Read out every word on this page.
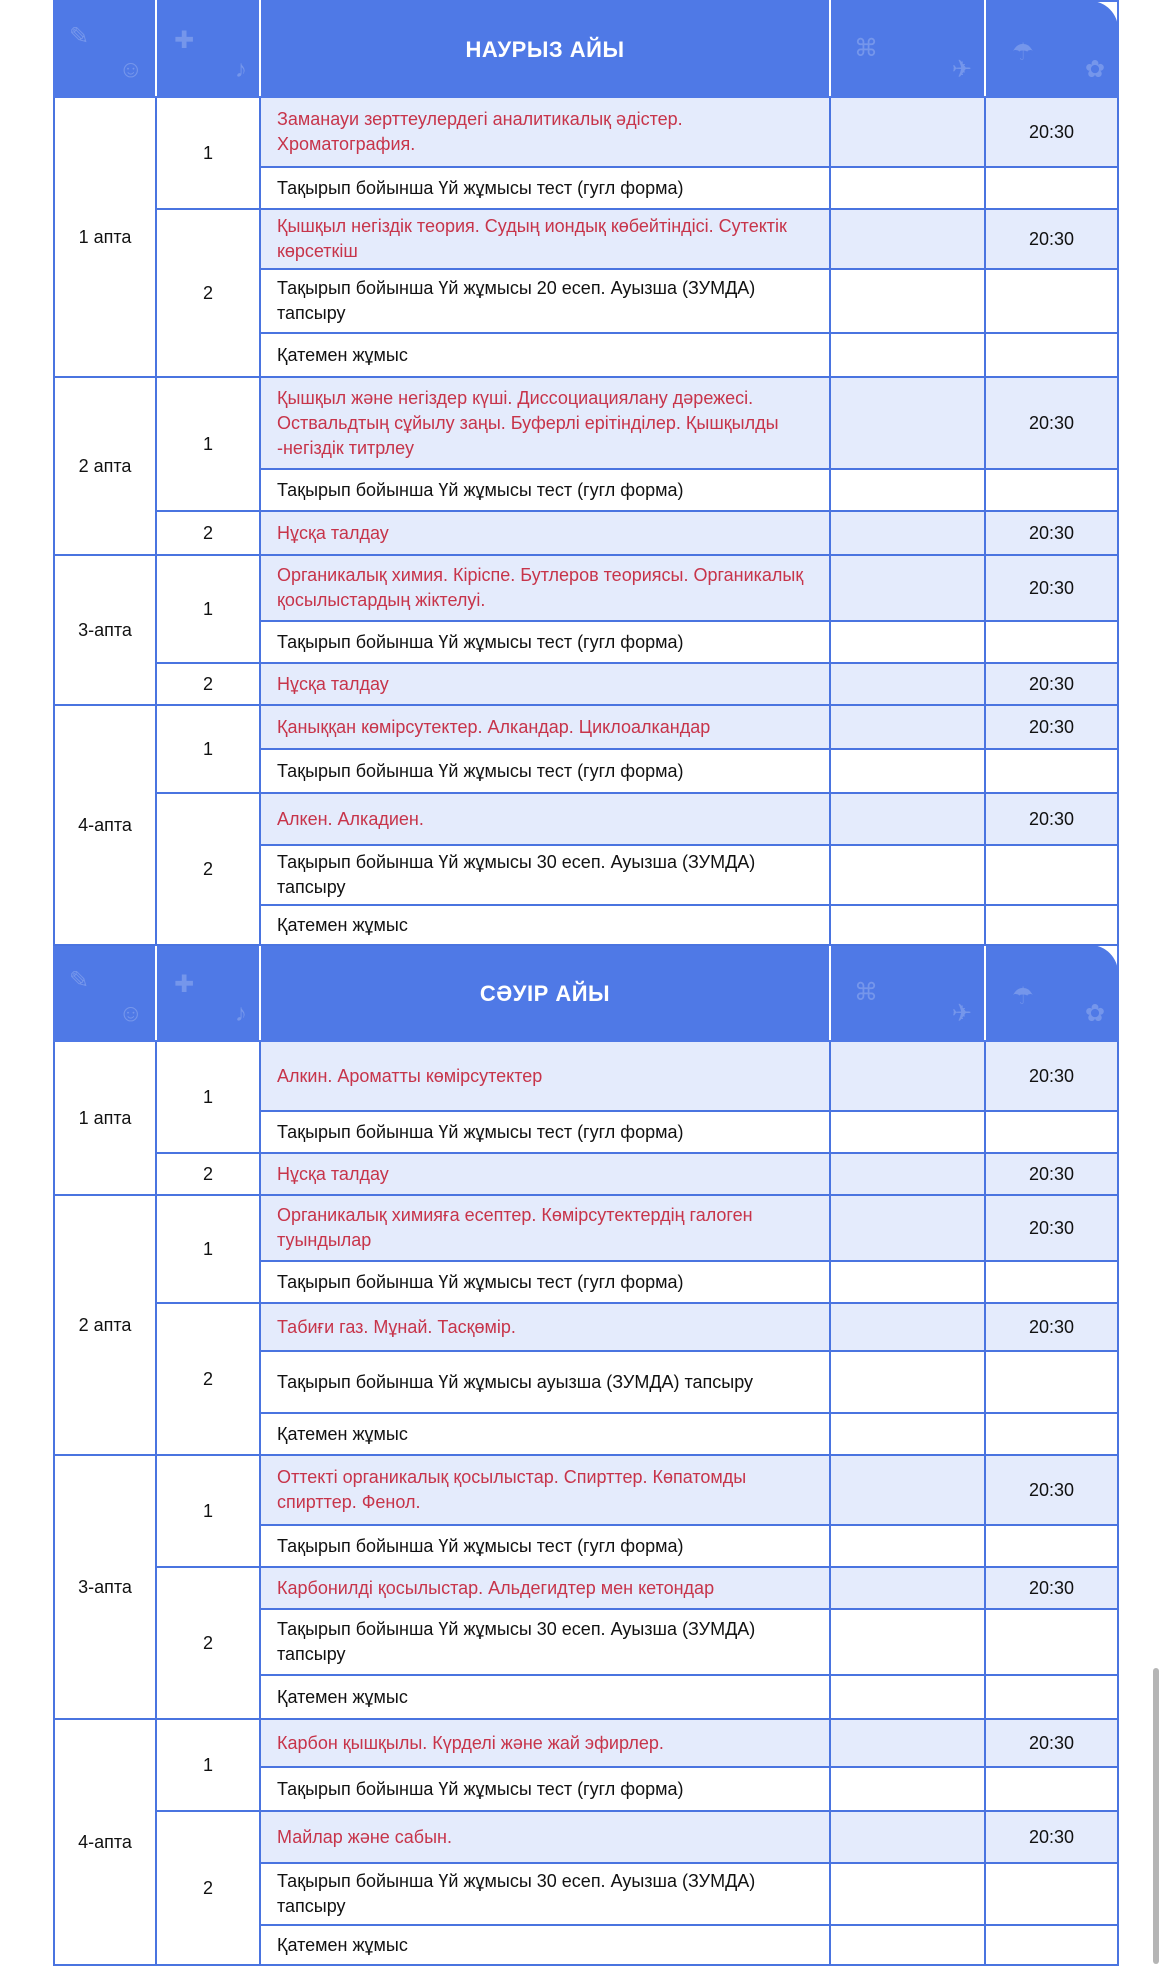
✎
☺	✚
♪	НАУРЫЗ АЙЫ	⌘
✈	☂
✿

1 апта	1	Заманауи зерттеулердегі аналитикалық әдістер. Хроматография.		20:30
		Тақырып бойынша Үй жұмысы тест (гугл форма)		
	2	Қышқыл негіздік теория. Судың иондық көбейтіндісі. Сутектік көрсеткіш		20:30
		Тақырып бойынша Үй жұмысы 20 есеп. Ауызша (ЗУМДА) тапсыру		
		Қатемен жұмыс		
2 апта	1	Қышқыл және негіздер күші. Диссоциациялану дәрежесі. Оствальдтың сұйылу заңы. Буферлі ерітінділер. Қышқылды -негіздік титрлеу		20:30
		Тақырып бойынша Үй жұмысы тест (гугл форма)		
	2	Нұсқа талдау		20:30
3-апта	1	Органикалық химия. Кіріспе. Бутлеров теориясы. Органикалық қосылыстардың жіктелуі.		20:30
		Тақырып бойынша Үй жұмысы тест (гугл форма)		
	2	Нұсқа талдау		20:30
4-апта	1	Қаныққан көмірсутектер. Алкандар. Циклоалкандар		20:30
		Тақырып бойынша Үй жұмысы тест (гугл форма)		
	2	Алкен. Алкадиен.		20:30
		Тақырып бойынша Үй жұмысы 30 есеп. Ауызша (ЗУМДА) тапсыру		
		Қатемен жұмыс		

✎
☺	✚
♪	СӘУІР АЙЫ	⌘
✈	☂
✿

1 апта	1	Алкин. Ароматты көмірсутектер		20:30
		Тақырып бойынша Үй жұмысы тест (гугл форма)		
	2	Нұсқа талдау		20:30
2 апта	1	Органикалық химияға есептер. Көмірсутектердің галоген туындылар		20:30
		Тақырып бойынша Үй жұмысы тест (гугл форма)		
	2	Табиғи газ. Мұнай. Тасқөмір.		20:30
		Тақырып бойынша Үй жұмысы ауызша (ЗУМДА) тапсыру		
		Қатемен жұмыс		
3-апта	1	Оттекті органикалық қосылыстар. Спирттер. Көпатомды спирттер. Фенол.		20:30
		Тақырып бойынша Үй жұмысы тест (гугл форма)		
	2	Карбонилді қосылыстар. Альдегидтер мен кетондар		20:30
		Тақырып бойынша Үй жұмысы 30 есеп. Ауызша (ЗУМДА) тапсыру		
		Қатемен жұмыс		
4-апта	1	Карбон қышқылы. Күрделі және жай эфирлер.		20:30
		Тақырып бойынша Үй жұмысы тест (гугл форма)		
	2	Майлар және сабын.		20:30
		Тақырып бойынша Үй жұмысы 30 есеп. Ауызша (ЗУМДА) тапсыру		
		Қатемен жұмыс		
